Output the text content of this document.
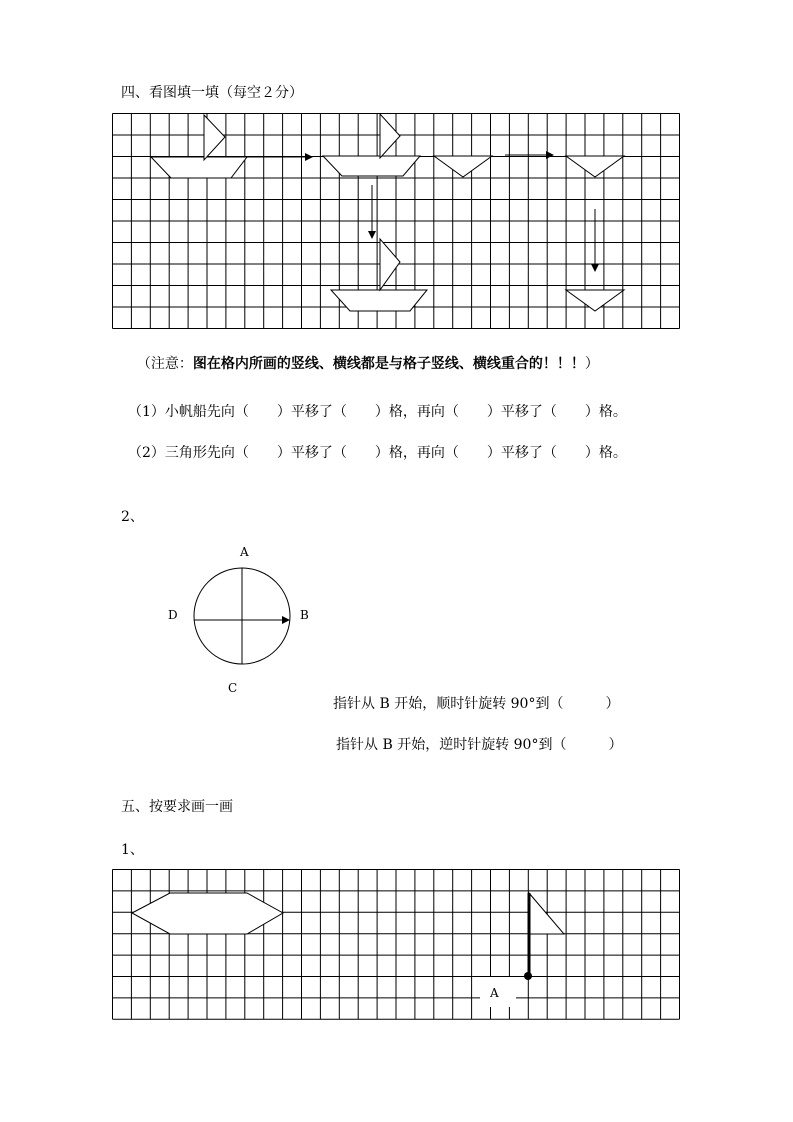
四、看图填一填（每空２分）

（注意：图在格内所画的竖线、横线都是与格子竖线、横线重合的！！！）

（1）小帆船先向（　　）平移了（　　）格，再向（　　）平移了（　　）格。
（2）三角形先向（　　）平移了（　　）格，再向（　　）平移了（　　）格。
2、
A
B
C
D
指针从 B 开始，顺时针旋转 90°到（　　　）
指针从 B 开始，逆时针旋转 90°到（　　　）
五、按要求画一画
1、
A
